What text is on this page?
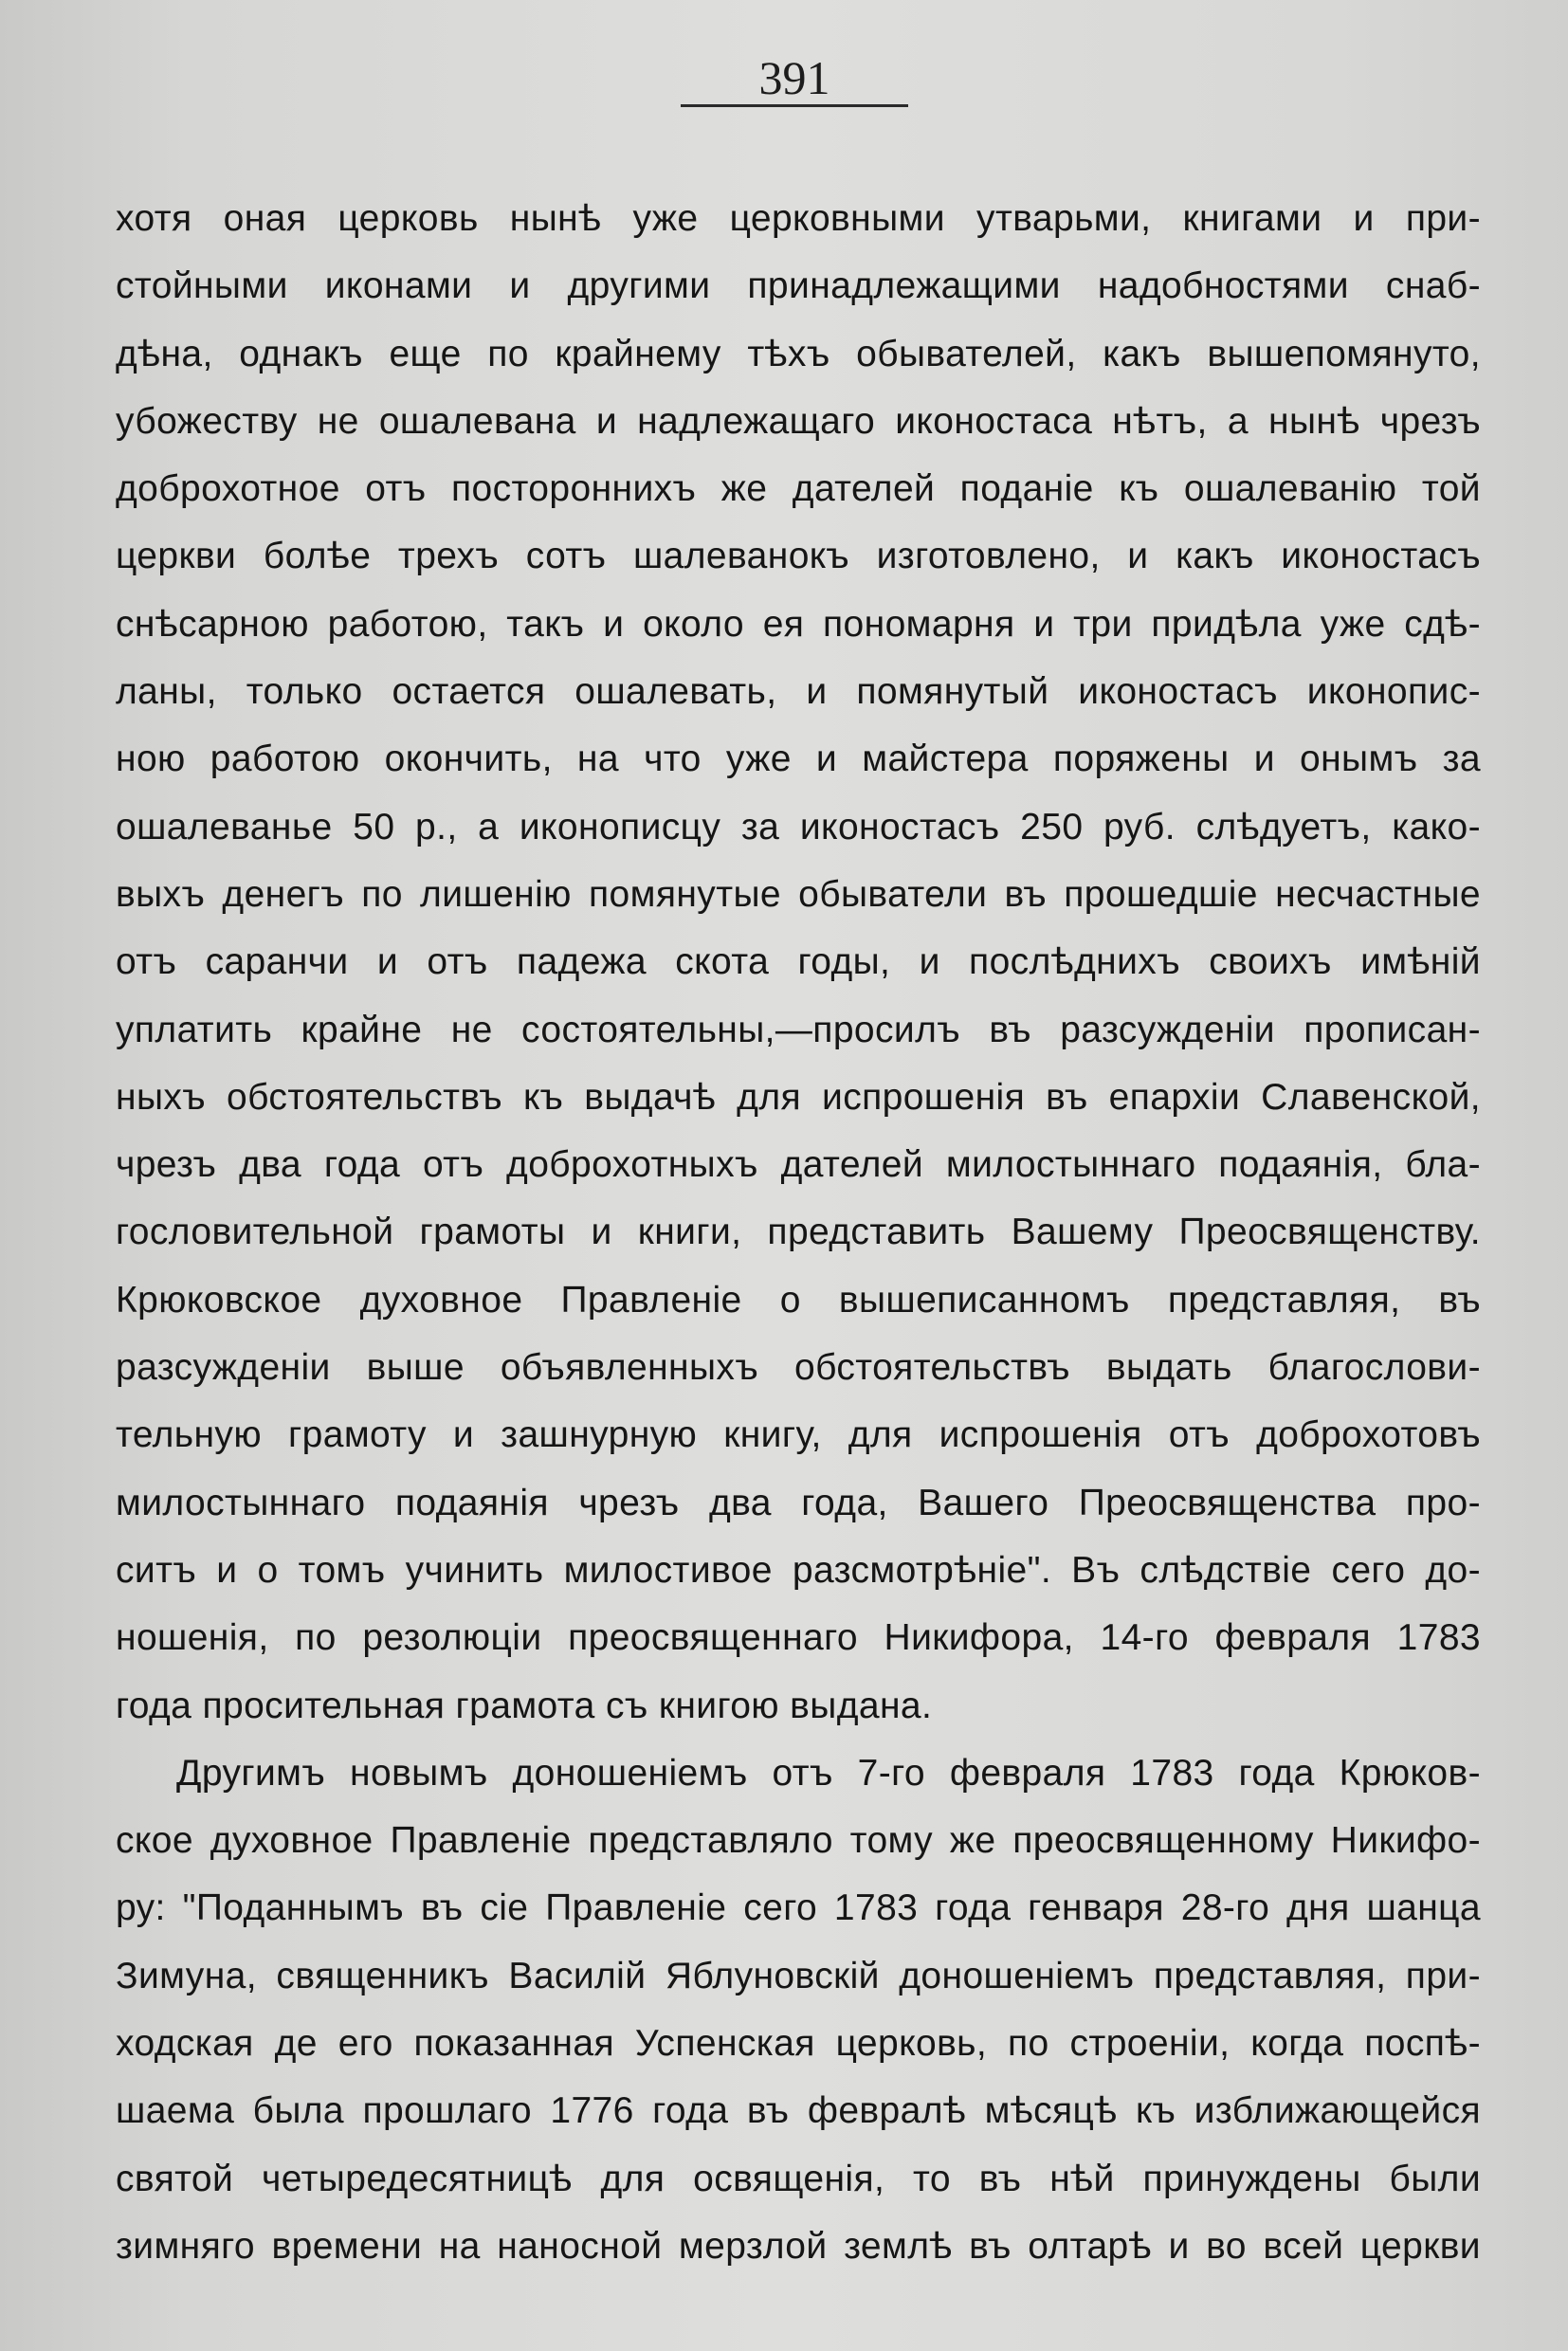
391
хотя оная церковь нынѣ уже церковными утварьми, книгами и при-
стойными иконами и другими принадлежащими надобностями снаб-
дѣна, однакъ еще по крайнему тѣхъ обывателей, какъ вышепомянуто,
убожеству не ошалевана и надлежащаго иконостаса нѣтъ, а нынѣ чрезъ
доброхотное отъ постороннихъ же дателей поданіе къ ошалеванію той
церкви болѣе трехъ сотъ шалеванокъ изготовлено, и какъ иконостасъ
снѣсарною работою, такъ и около ея пономарня и три придѣла уже сдѣ-
ланы, только остается ошалевать, и помянутый иконостасъ иконопис-
ною работою окончить, на что уже и майстера поряжены и онымъ за
ошалеванье 50 р., а иконописцу за иконостасъ 250 руб. слѣдуетъ, како-
выхъ денегъ по лишенію помянутые обыватели въ прошедшіе несчастные
отъ саранчи и отъ падежа скота годы, и послѣднихъ своихъ имѣній
уплатить крайне не состоятельны,—просилъ въ разсужденіи прописан-
ныхъ обстоятельствъ къ выдачѣ для испрошенія въ епархіи Славенской,
чрезъ два года отъ доброхотныхъ дателей милостыннаго подаянія, бла-
гословительной грамоты и книги, представить Вашему Преосвященству.
Крюковское духовное Правленіе о вышеписанномъ представляя, въ
разсужденіи выше объявленныхъ обстоятельствъ выдать благослови-
тельную грамоту и зашнурную книгу, для испрошенія отъ доброхотовъ
милостыннаго подаянія чрезъ два года, Вашего Преосвященства про-
ситъ и о томъ учинить милостивое разсмотрѣніе". Въ слѣдствіе сего до-
ношенія, по резолюціи преосвященнаго Никифора, 14-го февраля 1783
года просительная грамота съ книгою выдана.
Другимъ новымъ доношеніемъ отъ 7-го февраля 1783 года Крюков-
ское духовное Правленіе представляло тому же преосвященному Никифо-
ру: "Поданнымъ въ сіе Правленіе сего 1783 года генваря 28-го дня шанца
Зимуна, священникъ Василій Яблуновскій доношеніемъ представляя, при-
ходская де его показанная Успенская церковь, по строеніи, когда поспѣ-
шаема была прошлаго 1776 года въ февралѣ мѣсяцѣ къ изближающейся
святой четыредесятницѣ для освященія, то въ нѣй принуждены были
зимняго времени на наносной мерзлой землѣ въ олтарѣ и во всей церкви
